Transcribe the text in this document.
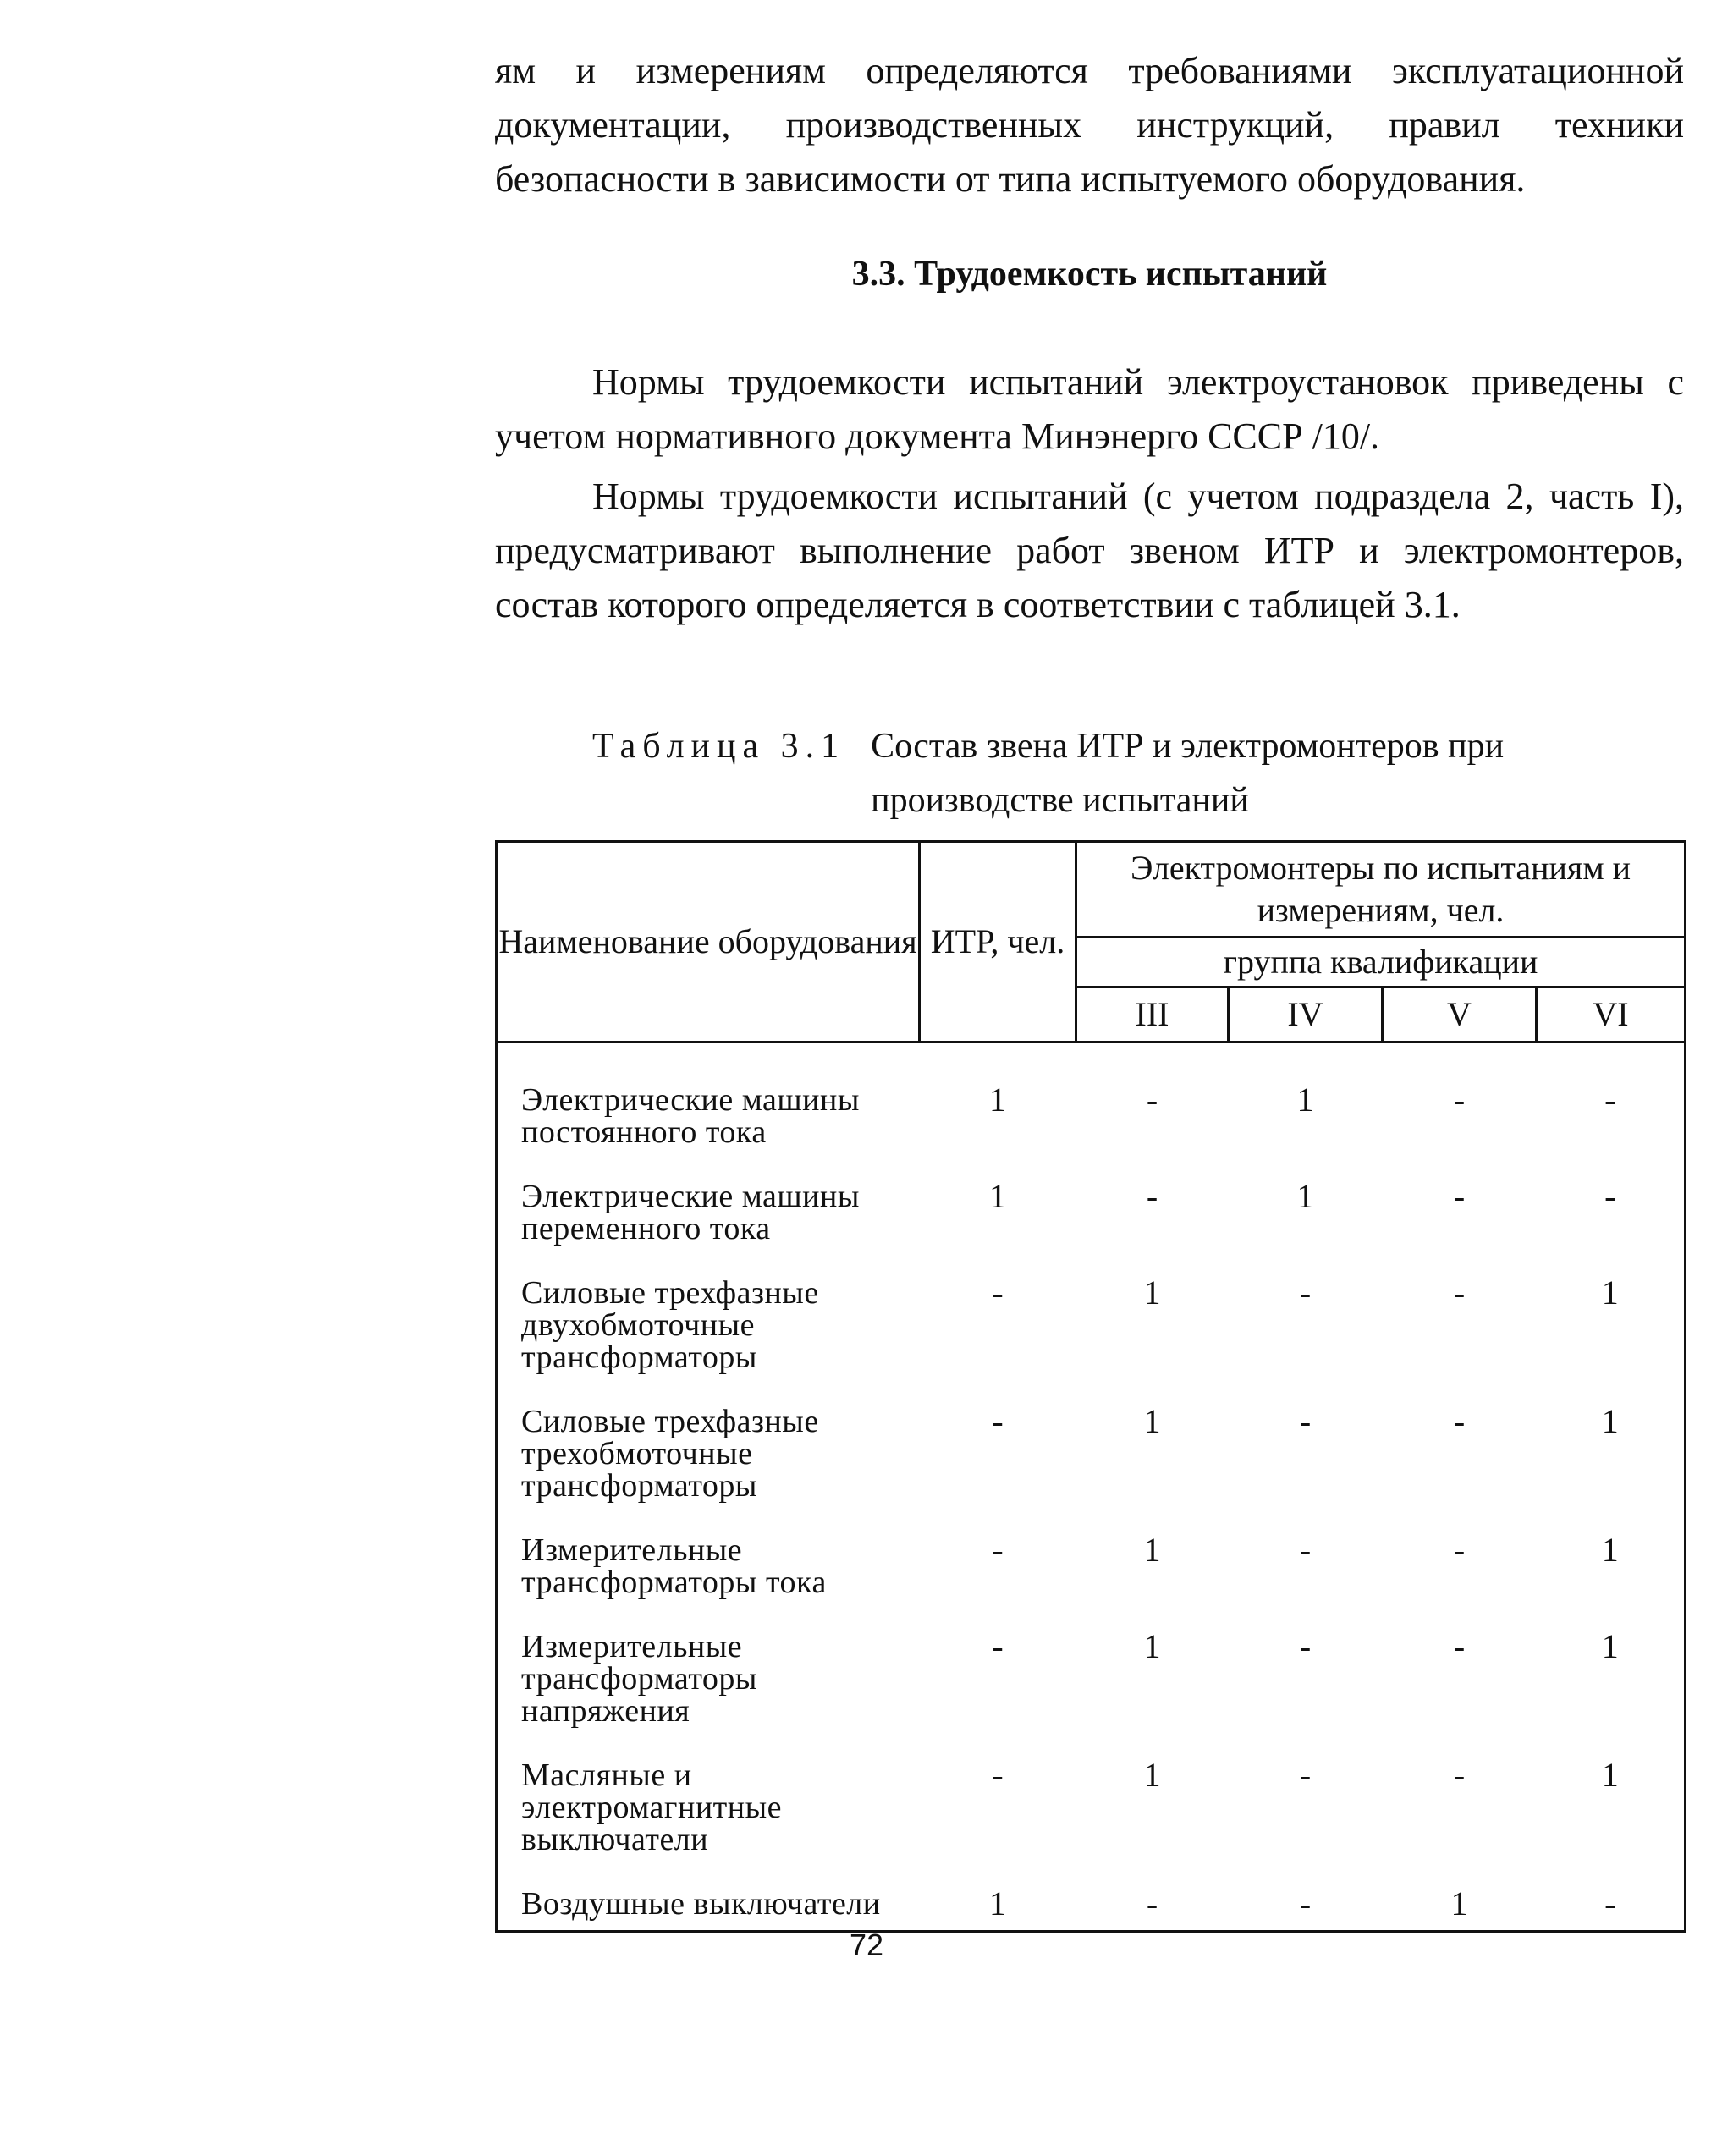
ям и измерениям определяются требованиями эксплуатационной документации, производственных инструкций, правил техники безопасности в зависимости от типа испытуемого оборудования.

3.3. Трудоемкость испытаний

Нормы трудоемкости испытаний электроустановок приведены с учетом нормативного документа Минэнерго СССР /10/.

Нормы трудоемкости испытаний (с учетом подраздела 2, часть I), предусматривают выполнение работ звеном ИТР и электромонтеров, состав которого определяется в соответствии с таблицей 3.1.

Таблица 3.1 Состав звена ИТР и электромонтеров при производстве испытаний
Наименование оборудования	ИТР, чел.	Электромонтеры по испытаниям и измерениям, чел.			
		группа квалификации			
		III	IV	V	VI

Электрические машины постоянного тока	1	-	1	-	-
Электрические машины переменного тока	1	-	1	-	-
Силовые трехфазные двухобмоточные трансформаторы	-	1	-	-	1
Силовые трехфазные трехобмоточные трансформаторы	-	1	-	-	1
Измерительные трансформаторы тока	-	1	-	-	1
Измерительные трансформаторы напряжения	-	1	-	-	1
Масляные и электромагнитные выключатели	-	1	-	-	1
Воздушные выключатели	1	-	-	1	-
72
